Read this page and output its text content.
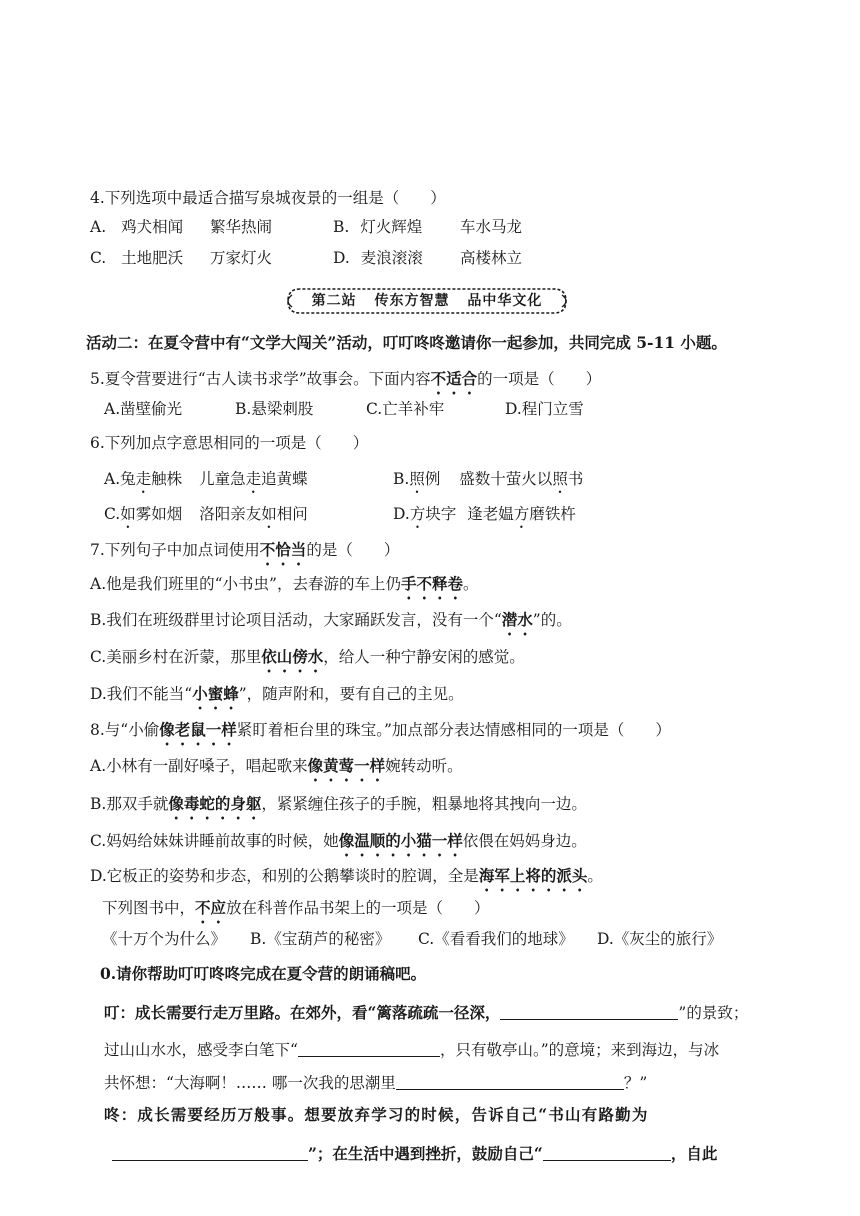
4.下列选项中最适合描写泉城夜景的一组是（　　）
A. 鸡犬相闻 繁华热闹	B. 灯火辉煌 车水马龙
C. 土地肥沃 万家灯火	D. 麦浪滚滚 高楼林立
第二站 传东方智慧 品中华文化
活动二：在夏令营中有“文学大闯关”活动，叮叮咚咚邀请你一起参加，共同完成 5-11 小题。
5.夏令营要进行“古人读书求学”故事会。下面内容不适合的一项是（　　）
A.凿壁偷光	B.悬梁刺股	C.亡羊补牢	D.程门立雪
6.下列加点字意思相同的一项是（　　）
A.兔走触株 儿童急走追黄蝶	B.照例 盛数十萤火以照书
C.如雾如烟 洛阳亲友如相问	D.方块字 逢老媪方磨铁杵
7.下列句子中加点词使用不恰当的是（　　）
A.他是我们班里的“小书虫”，去春游的车上仍手不释卷。
B.我们在班级群里讨论项目活动，大家踊跃发言，没有一个“潜水”的。
C.美丽乡村在沂蒙，那里依山傍水，给人一种宁静安闲的感觉。
D.我们不能当“小蜜蜂”，随声附和，要有自己的主见。
8.与“小偷像老鼠一样紧盯着柜台里的珠宝。”加点部分表达情感相同的一项是（　　）
A.小林有一副好嗓子，唱起歌来像黄莺一样婉转动听。
B.那双手就像毒蛇的身躯，紧紧缠住孩子的手腕，粗暴地将其拽向一边。
C.妈妈给妹妹讲睡前故事的时候，她像温顺的小猫一样依偎在妈妈身边。
D.它板正的姿势和步态，和别的公鹅攀谈时的腔调，全是海军上将的派头。
下列图书中，不应放在科普作品书架上的一项是（　　）
《十万个为什么》 B.《宝葫芦的秘密》 C.《看看我们的地球》 D.《灰尘的旅行》
0.请你帮助叮叮咚咚完成在夏令营的朗诵稿吧。
叮：成长需要行走万里路。在郊外，看“篱落疏疏一径深，	”的景致；
过山山水水，感受李白笔下“	，只有敬亭山。”的意境；来到海边，与冰
共怀想：“大海啊！…… 哪一次我的思潮里	？”
咚：成长需要经历万般事。想要放弃学习的时候，告诉自己“书山有路勤为
”；在生活中遇到挫折，鼓励自己“	，自此
